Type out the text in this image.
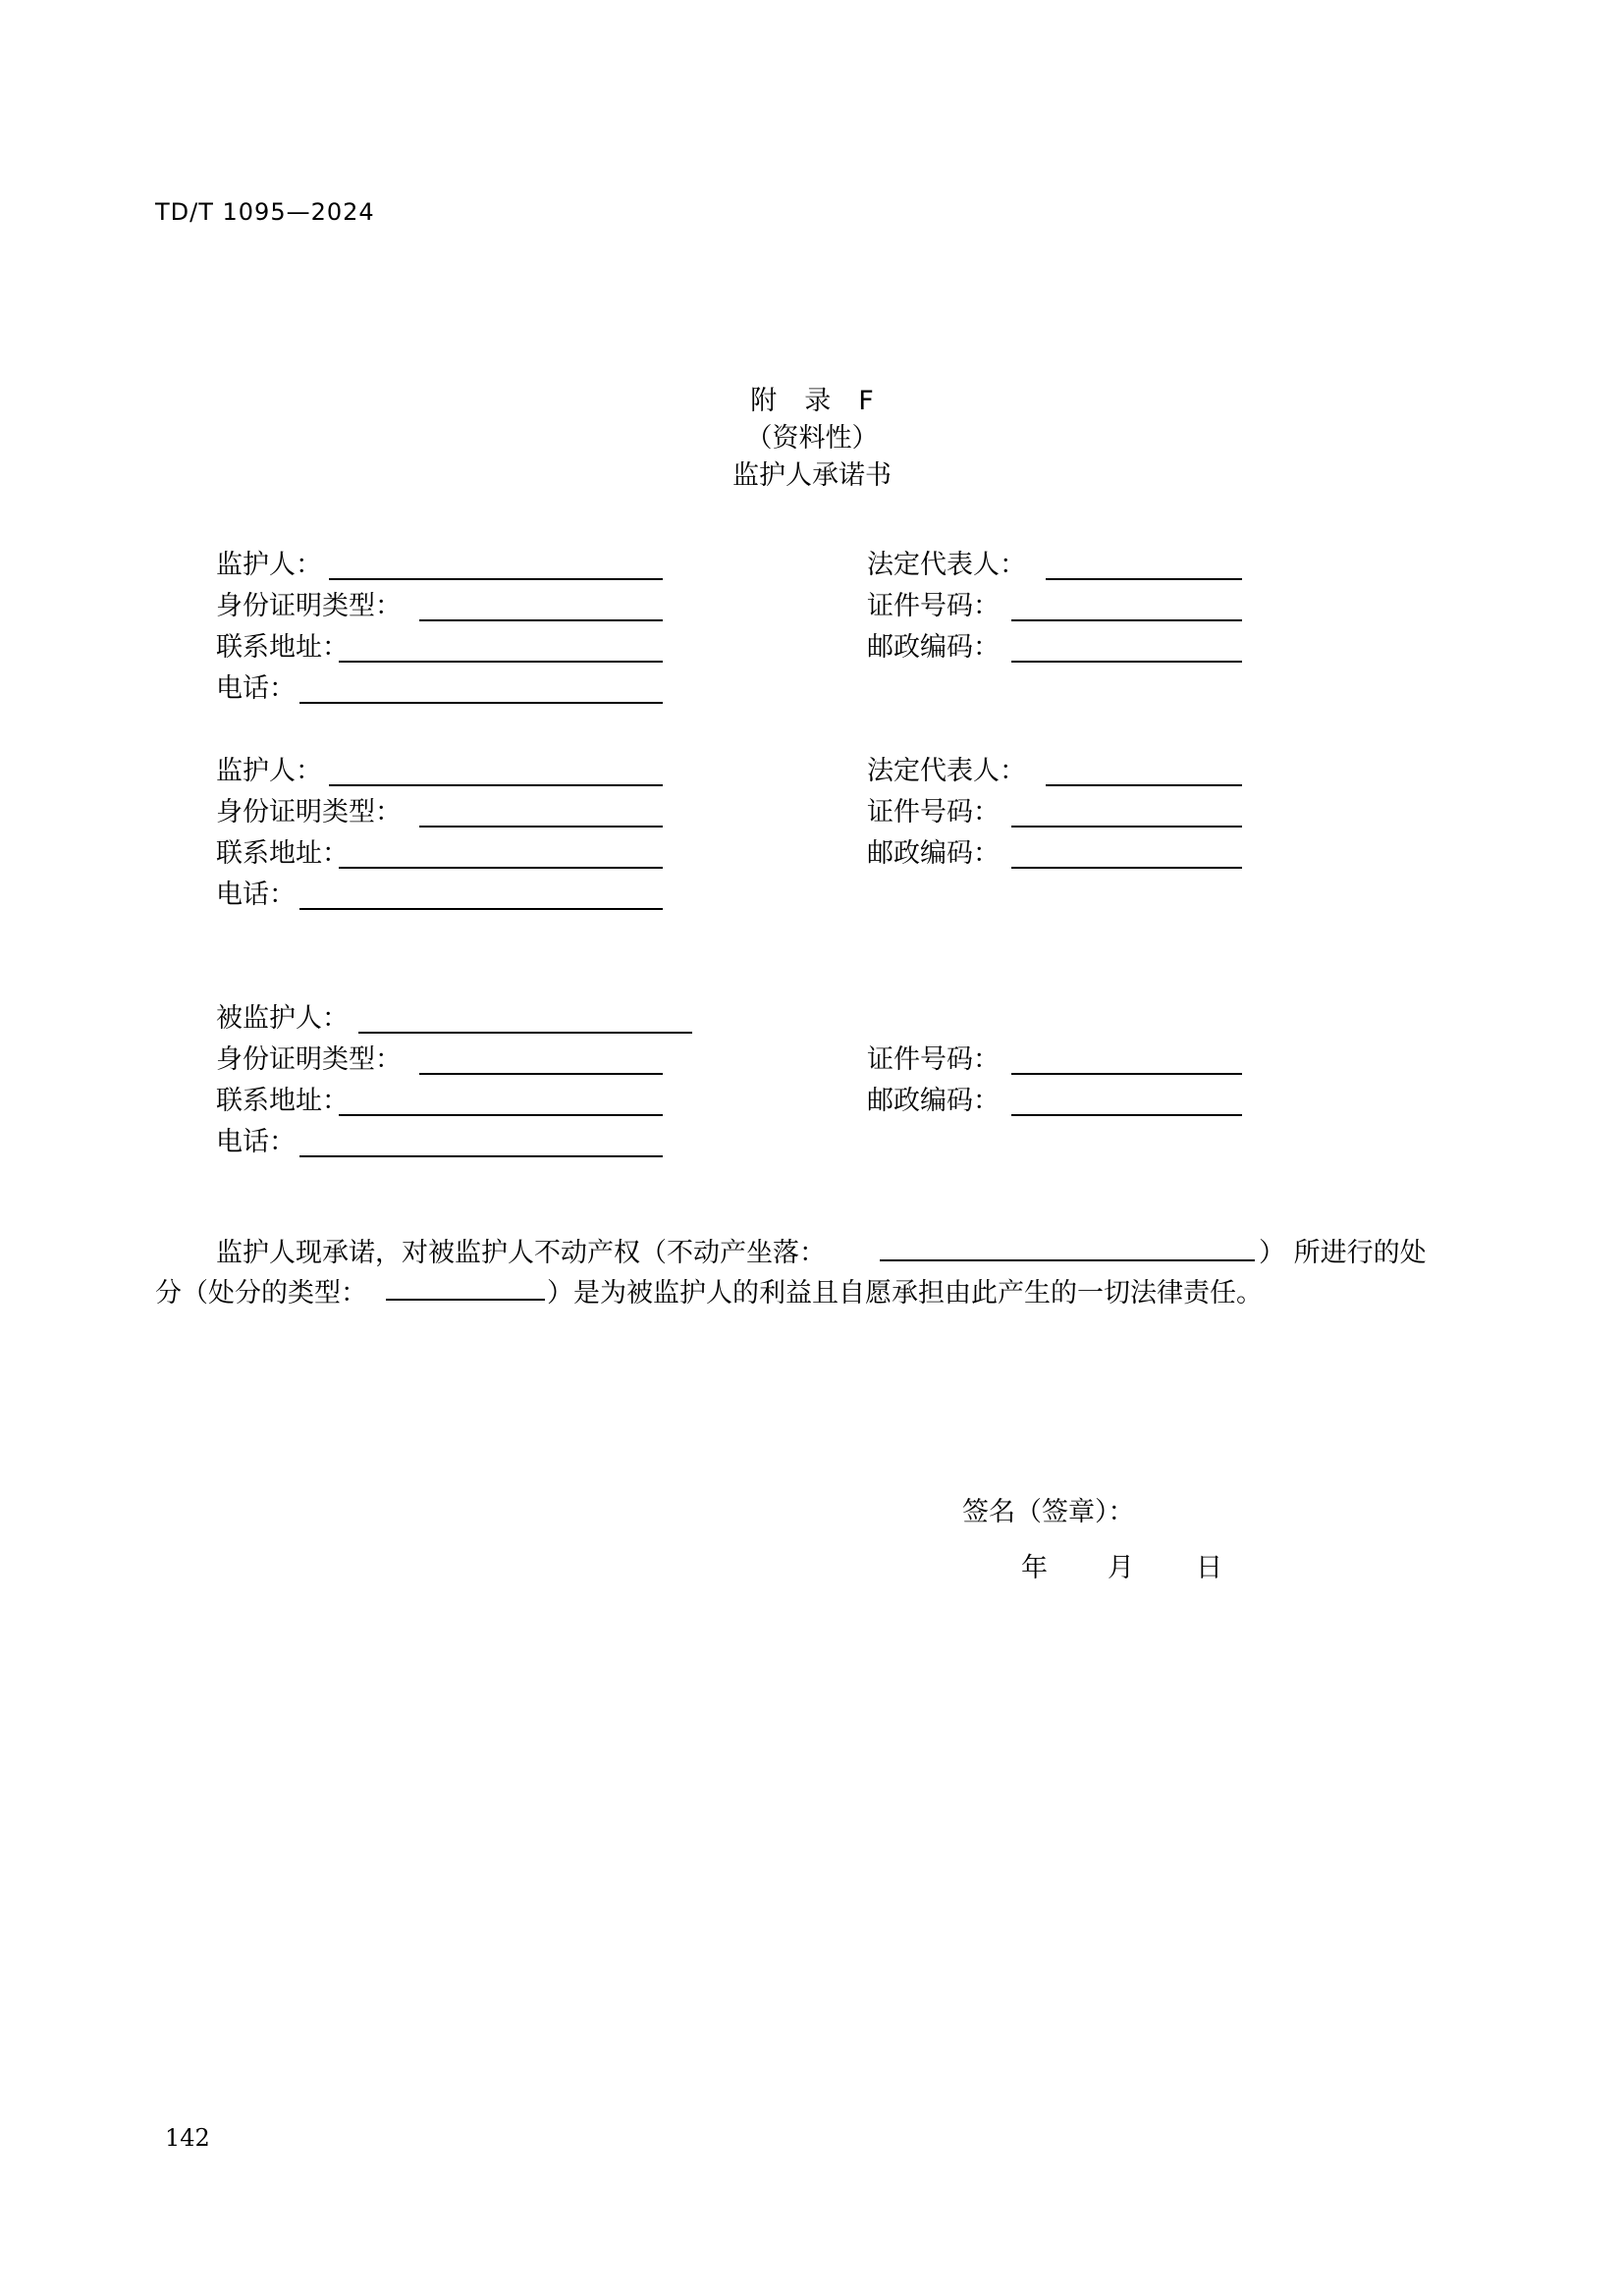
TD/T 1095—2024
附 录 F
（资料性）
监护人承诺书
监护人：	法定代表人：
身份证明类型：	证件号码：
联系地址：	邮政编码：
电话：
监护人：	法定代表人：
身份证明类型：	证件号码：
联系地址：	邮政编码：
电话：
被监护人：
身份证明类型：	证件号码：
联系地址：	邮政编码：
电话：
监护人现承诺，对被监护人不动产权（不动产坐落：	） 所进行的处
分（处分的类型：	）是为被监护人的利益且自愿承担由此产生的一切法律责任。
签名（签章）：
年 月 日
142
